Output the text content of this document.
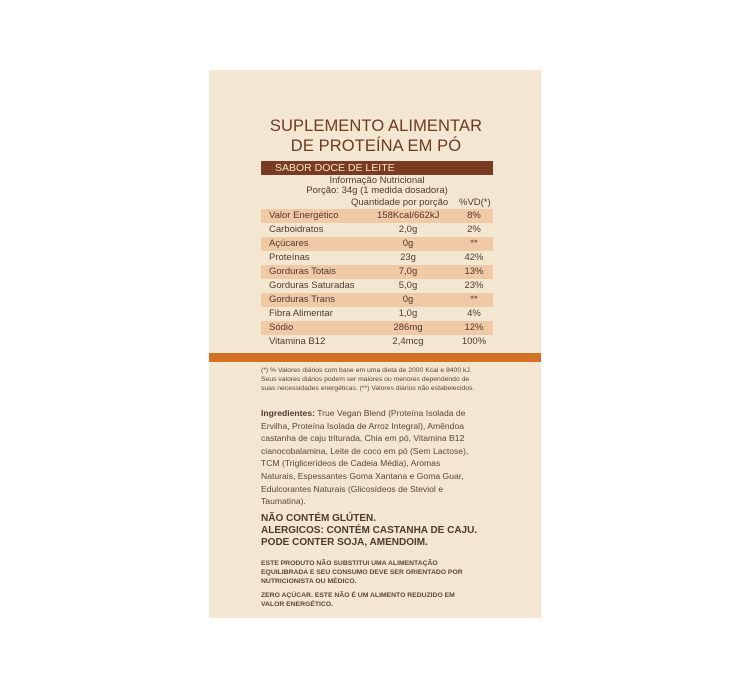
SUPLEMENTO ALIMENTAR
DE PROTEÍNA EM PÓ
SABOR DOCE DE LEITE
Informação Nutricional
Porção: 34g (1 medida dosadora)
Quantidade por porção %VD(*)
Valor Energético	158Kcal/662kJ	8%
Carboidratos	2,0g	2%
Açúcares	0g	**
Proteínas	23g	42%
Gorduras Totais	7,0g	13%
Gorduras Saturadas	5,0g	23%
Gorduras Trans	0g	**
Fibra Alimentar	1,0g	4%
Sódio	286mg	12%
Vitamina B12	2,4mcg	100%
(*) % Valores diários com base em uma dieta de 2000 Kcal e 8400 kJ.
Seus valores diários podem ser maiores ou menores dependendo de
suas necessidades energéticas. (**) Valores diários não estabelecidos.
Ingredientes: True Vegan Blend (Proteína Isolada de
Ervilha, Proteína Isolada de Arroz Integral), Amêndoa
castanha de caju triturada, Chia em pó, Vitamina B12
cianocobalamina, Leite de coco em pó (Sem Lactose),
TCM (Triglicerídeos de Cadeia Média), Aromas
Naturais, Espessantes Goma Xantana e Goma Guar,
Edulcorantes Naturais (Glicosídeos de Steviol e
Taumatina).
NÃO CONTÉM GLÚTEN.
ALERGICOS: CONTÉM CASTANHA DE CAJU.
PODE CONTER SOJA, AMENDOIM.
ESTE PRODUTO NÃO SUBSTITUI UMA ALIMENTAÇÃO
EQUILIBRADA E SEU CONSUMO DEVE SER ORIENTADO POR
NUTRICIONISTA OU MÉDICO.
ZERO AÇÚCAR. ESTE NÃO É UM ALIMENTO REDUZIDO EM
VALOR ENERGÉTICO.
